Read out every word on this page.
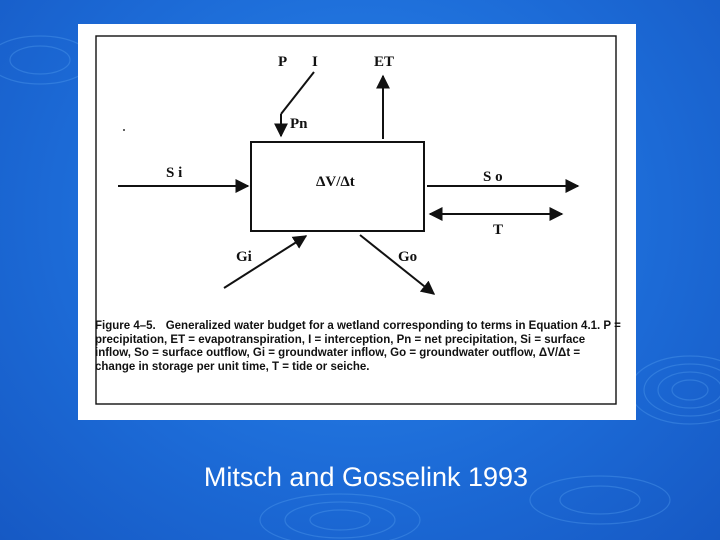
ΔV/Δt
P I
Pn
ET
S i	S o
T
Gi	Go
Figure 4–5. Generalized water budget for a wetland corresponding to terms in Equation 4.1. P = precipitation, ET = evapotranspiration, I = interception, Pn = net precipitation, Si = surface inflow, So = surface outflow, Gi = groundwater inflow, Go = groundwater outflow, ΔV/Δt = change in storage per unit time, T = tide or seiche.
Mitsch and Gosselink 1993
